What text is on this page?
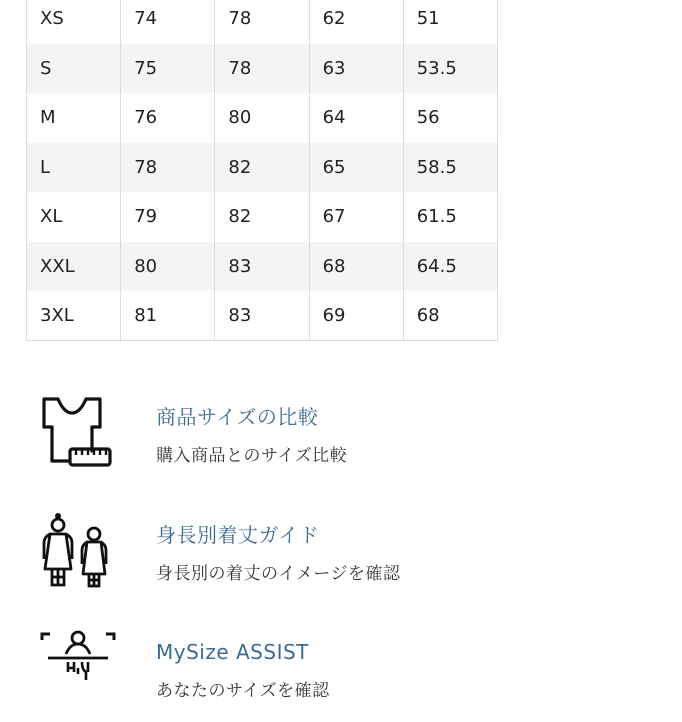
XS	74	78	62	51
S	75	78	63	53.5
M	76	80	64	56
L	78	82	65	58.5
XL	79	82	67	61.5
XXL	80	83	68	64.5
3XL	81	83	69	68
商品サイズの比較
購入商品とのサイズ比較
身長別着丈ガイド
身長別の着丈のイメージを確認
MySize ASSIST
あなたのサイズを確認
